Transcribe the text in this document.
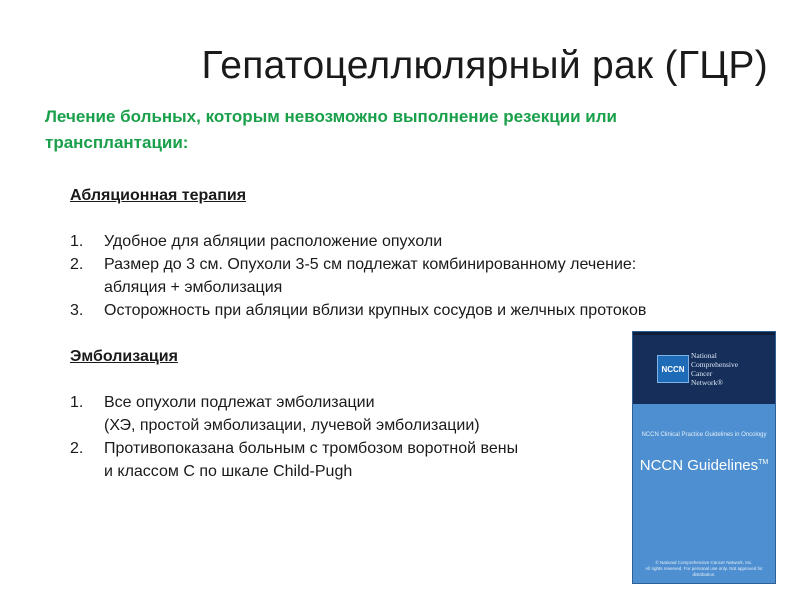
Гепатоцеллюлярный рак (ГЦР)
Лечение больных, которым невозможно выполнение резекции или трансплантации:
Абляционная терапия
1.	Удобное для абляции расположение опухоли
2.	Размер до 3 см. Опухоли 3-5 см подлежат комбинированному лечение:
абляция + эмболизация
3.	Осторожность при абляции вблизи крупных сосудов и желчных протоков
Эмболизация
1.	Все опухоли подлежат эмболизации
(ХЭ, простой эмболизации, лучевой эмболизации)
2.	Противопоказана больным с тромбозом воротной вены
и классом С по шкале Child-Pugh
NCCN
National
Comprehensive
Cancer
Network®
NCCN Clinical Practice Guidelines in Oncology
NCCN Guidelines™
© National Comprehensive Cancer Network, Inc.
All rights reserved. For personal use only. Not approved for distribution.
